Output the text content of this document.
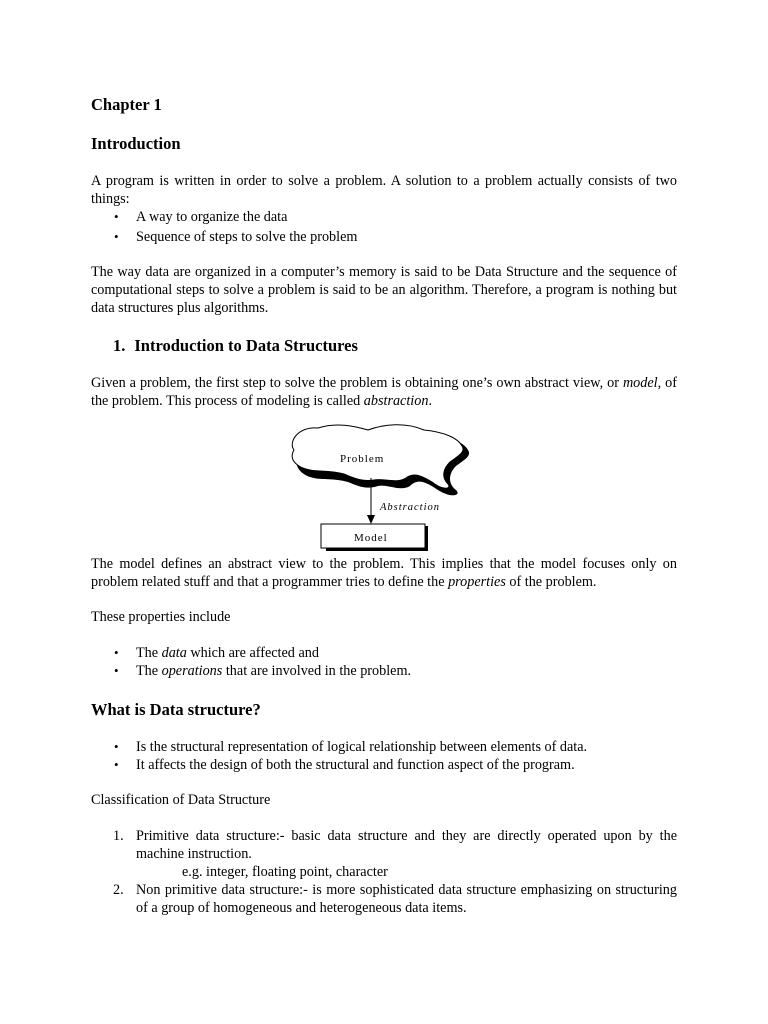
Chapter 1
Introduction
A program is written in order to solve a problem. A solution to a problem actually consists of two things:
• A way to organize the data
• Sequence of steps to solve the problem
The way data are organized in a computer’s memory is said to be Data Structure and the sequence of computational steps to solve a problem is said to be an algorithm. Therefore, a program is nothing but data structures plus algorithms.
1. Introduction to Data Structures
Given a problem, the first step to solve the problem is obtaining one’s own abstract view, or model, of the problem. This process of modeling is called abstraction.
Problem
Abstraction
Model
The model defines an abstract view to the problem. This implies that the model focuses only on problem related stuff and that a programmer tries to define the properties of the problem.
These properties include
• The data which are affected and
• The operations that are involved in the problem.
What is Data structure?
• Is the structural representation of logical relationship between elements of data.
• It affects the design of both the structural and function aspect of the program.
Classification of Data Structure
1. Primitive data structure:- basic data structure and they are directly operated upon by the machine instruction.
e.g. integer, floating point, character
2. Non primitive data structure:- is more sophisticated data structure emphasizing on structuring of a group of homogeneous and heterogeneous data items.
